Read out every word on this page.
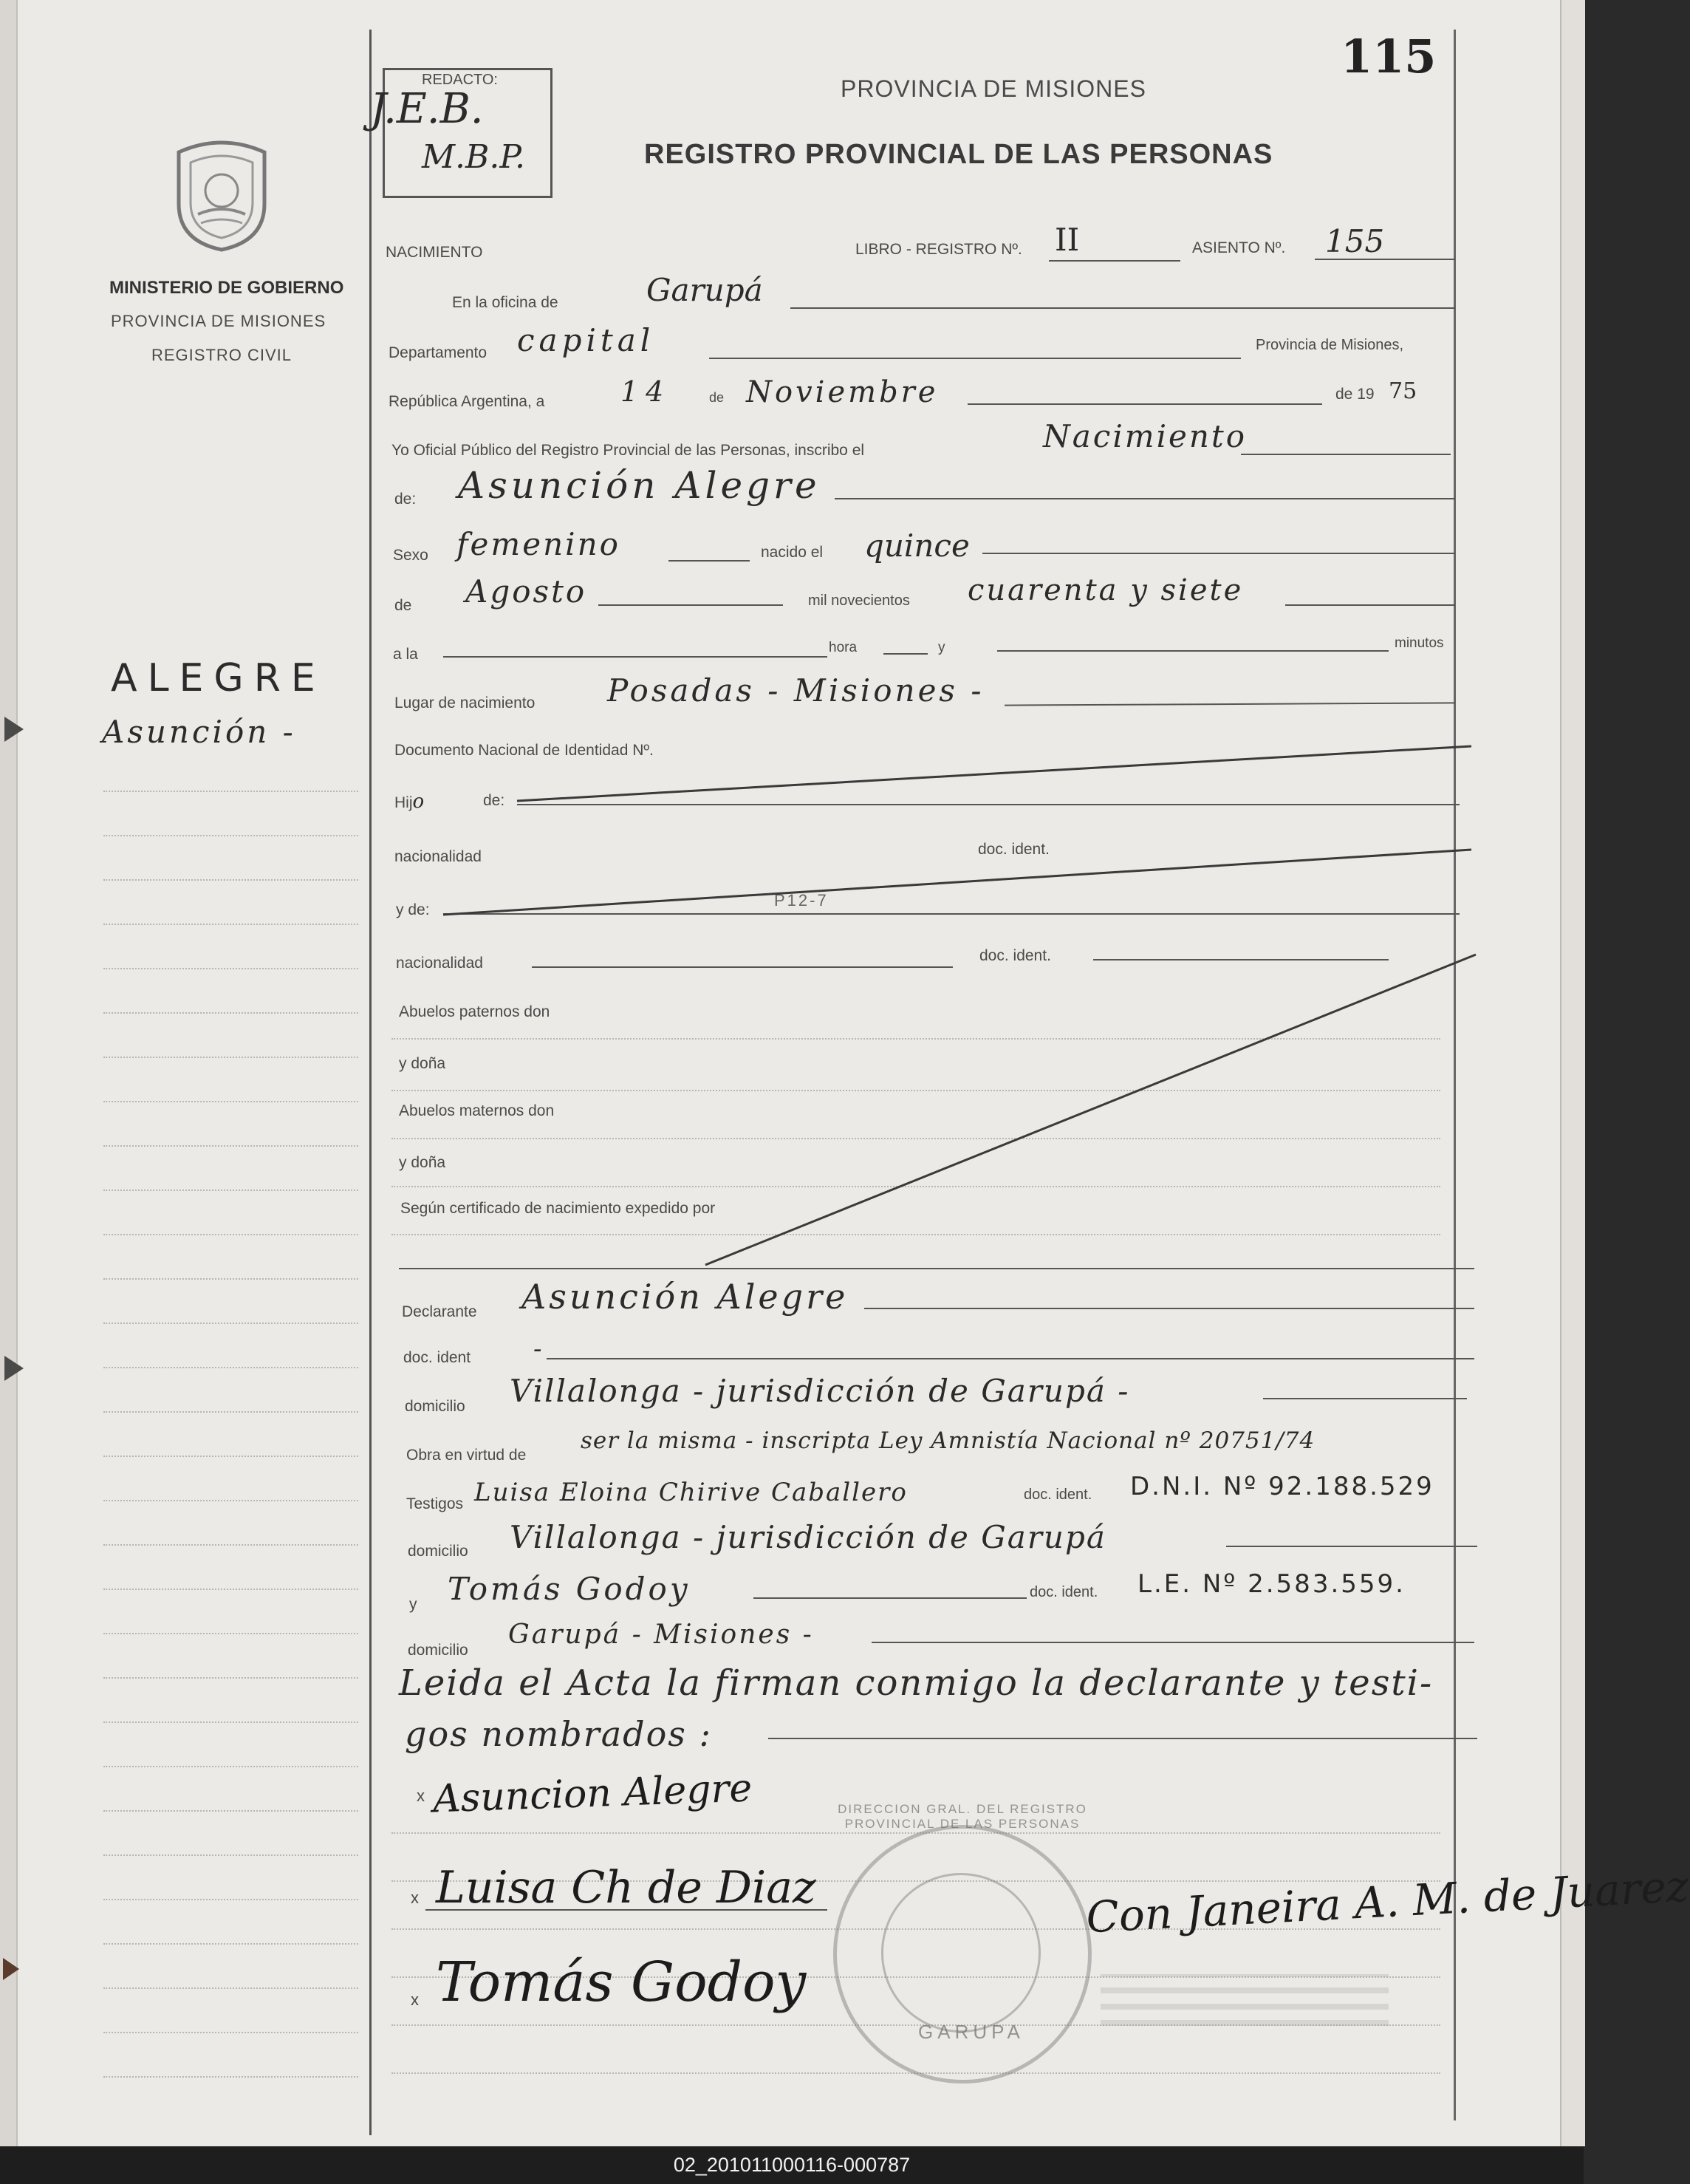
115
REDACTO:
J.E.B.
M.B.P.
PROVINCIA DE MISIONES
REGISTRO PROVINCIAL DE LAS PERSONAS
MINISTERIO DE GOBIERNO
PROVINCIA DE MISIONES
REGISTRO CIVIL
ALEGRE
Asunción -
NACIMIENTO	LIBRO - REGISTRO Nº. II	ASIENTO Nº. 155
En la oficina de	Garupá
Departamento capital	Provincia de Misiones,
República Argentina, a	14	de Noviembre	de 19 75
Yo Oficial Público del Registro Provincial de las Personas, inscribo el	Nacimiento
de: Asunción Alegre
Sexo femenino	nacido el quince
de Agosto	mil novecientos cuarenta y siete
a la	hora	y	minutos
Lugar de nacimiento Posadas - Misiones -
Documento Nacional de Identidad Nº.
Hijo	de:
nacionalidad	doc. ident.
y de:
P12-7
nacionalidad	doc. ident.
Abuelos paternos don
y doña
Abuelos maternos don
y doña
Según certificado de nacimiento expedido por
Declarante Asunción Alegre
doc. ident -
domicilio Villalonga - jurisdicción de Garupá -
Obra en virtud de
ser la misma - inscripta Ley Amnistía Nacional nº 20751/74
Testigos Luisa Eloina Chirive Caballero	doc. ident. D.N.I. Nº 92.188.529
domicilio Villalonga - jurisdicción de Garupá
y Tomás Godoy	doc. ident. L.E. Nº 2.583.559.
domicilio
Garupá - Misiones -
Leida el Acta la firman conmigo la declarante y testi-
gos nombrados :
x
x
x
Asuncion Alegre
Luisa Ch de Diaz
Tomás Godoy
DIRECCION GRAL. DEL REGISTRO PROVINCIAL DE LAS PERSONAS
GARUPA
Con Janeira A. M. de Juarez
02_201011000116-000787
